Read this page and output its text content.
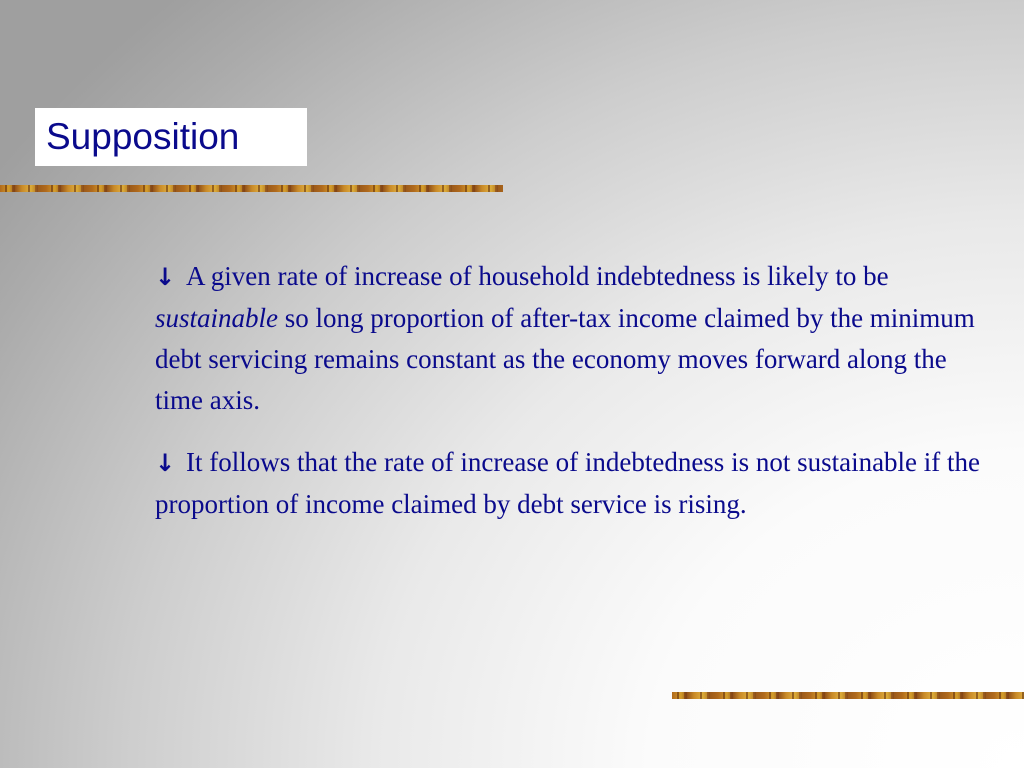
Supposition

↓ A given rate of increase of household indebtedness is likely to be sustainable so long proportion of after-tax income claimed by the minimum debt servicing remains constant as the economy moves forward along the time axis.

↓ It follows that the rate of increase of indebtedness is not sustainable if the proportion of income claimed by debt service is rising.
